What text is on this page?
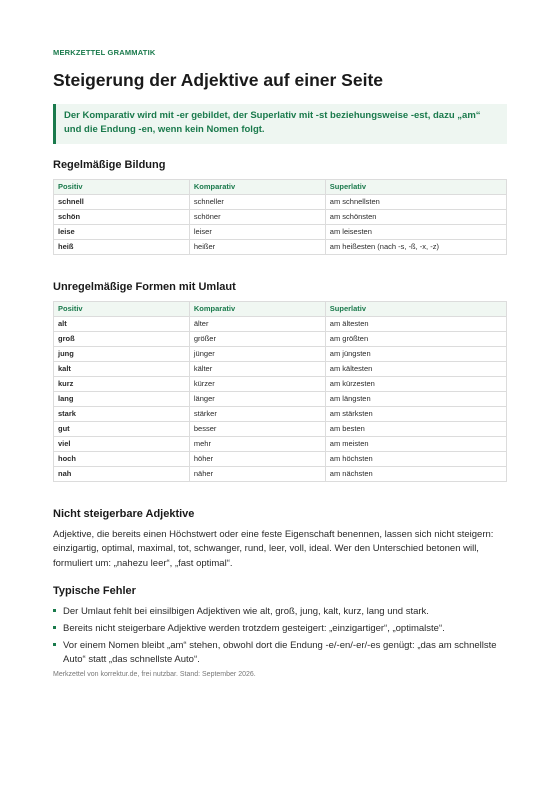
MERKZETTEL GRAMMATIK
Steigerung der Adjektive auf einer Seite

Der Komparativ wird mit -er gebildet, der Superlativ mit -st beziehungsweise -est, dazu „am“ und die Endung -en, wenn kein Nomen folgt.

Regelmäßige Bildung
Positiv	Komparativ	Superlativ
schnell	schneller	am schnellsten
schön	schöner	am schönsten
leise	leiser	am leisesten
heiß	heißer	am heißesten (nach -s, -ß, -x, -z)
Unregelmäßige Formen mit Umlaut
Positiv	Komparativ	Superlativ
alt	älter	am ältesten
groß	größer	am größten
jung	jünger	am jüngsten
kalt	kälter	am kältesten
kurz	kürzer	am kürzesten
lang	länger	am längsten
stark	stärker	am stärksten
gut	besser	am besten
viel	mehr	am meisten
hoch	höher	am höchsten
nah	näher	am nächsten
Nicht steigerbare Adjektive

Adjektive, die bereits einen Höchstwert oder eine feste Eigenschaft benennen, lassen sich nicht steigern: einzigartig, optimal, maximal, tot, schwanger, rund, leer, voll, ideal. Wer den Unterschied betonen will, formuliert um: „nahezu leer“, „fast optimal“.

Typische Fehler
Der Umlaut fehlt bei einsilbigen Adjektiven wie alt, groß, jung, kalt, kurz, lang und stark.
Bereits nicht steigerbare Adjektive werden trotzdem gesteigert: „einzigartiger“, „optimalste“.
Vor einem Nomen bleibt „am“ stehen, obwohl dort die Endung -e/-en/-er/-es genügt: „das am schnellste Auto“ statt „das schnellste Auto“.
Merkzettel von korrektur.de, frei nutzbar. Stand: September 2026.
